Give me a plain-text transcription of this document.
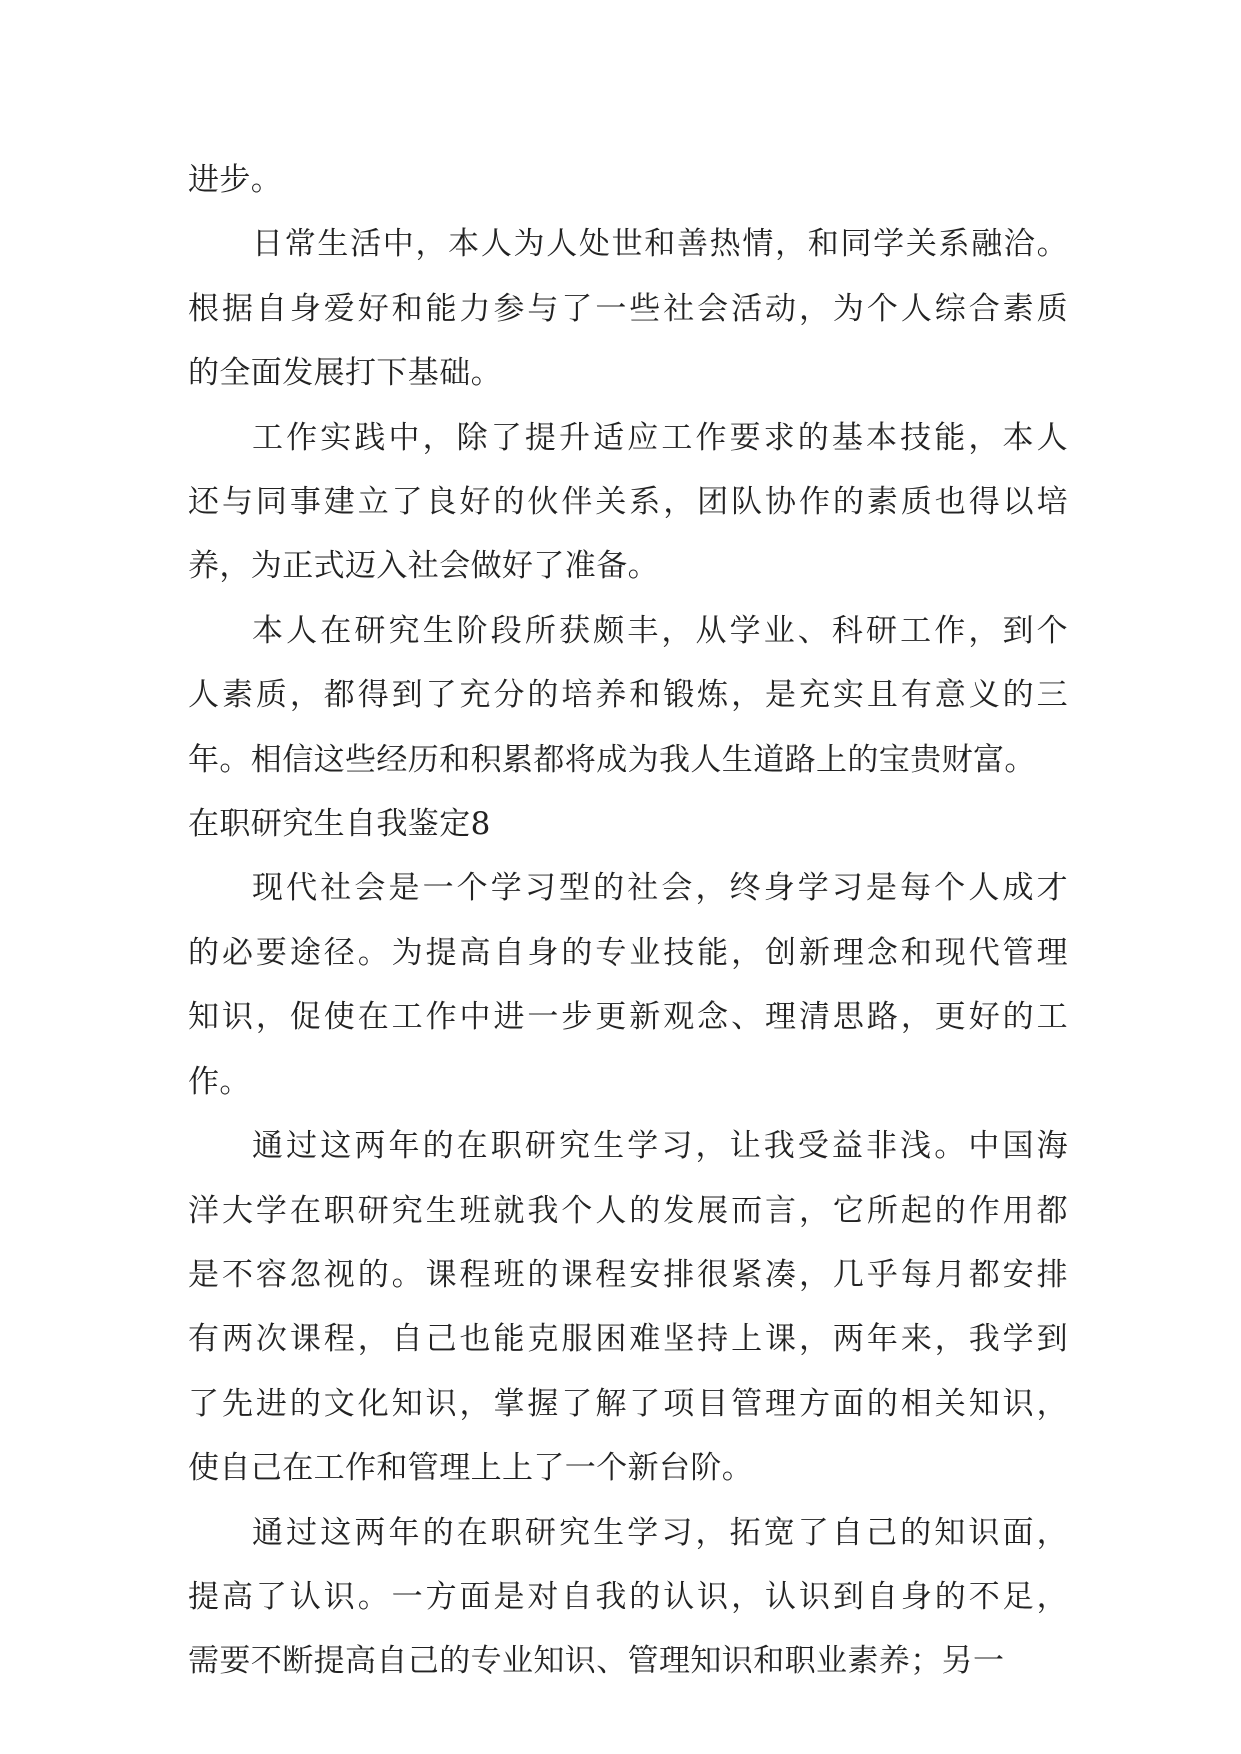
进步。
日常生活中，本人为人处世和善热情，和同学关系融洽。
根据自身爱好和能力参与了一些社会活动，为个人综合素质
的全面发展打下基础。
工作实践中，除了提升适应工作要求的基本技能，本人
还与同事建立了良好的伙伴关系，团队协作的素质也得以培
养，为正式迈入社会做好了准备。
本人在研究生阶段所获颇丰，从学业、科研工作，到个
人素质，都得到了充分的培养和锻炼，是充实且有意义的三
年。相信这些经历和积累都将成为我人生道路上的宝贵财富。
在职研究生自我鉴定8
现代社会是一个学习型的社会，终身学习是每个人成才
的必要途径。为提高自身的专业技能，创新理念和现代管理
知识，促使在工作中进一步更新观念、理清思路，更好的工
作。
通过这两年的在职研究生学习，让我受益非浅。中国海
洋大学在职研究生班就我个人的发展而言，它所起的作用都
是不容忽视的。课程班的课程安排很紧凑，几乎每月都安排
有两次课程，自己也能克服困难坚持上课，两年来，我学到
了先进的文化知识，掌握了解了项目管理方面的相关知识，
使自己在工作和管理上上了一个新台阶。
通过这两年的在职研究生学习，拓宽了自己的知识面，
提高了认识。一方面是对自我的认识，认识到自身的不足，
需要不断提高自己的专业知识、管理知识和职业素养；另一
